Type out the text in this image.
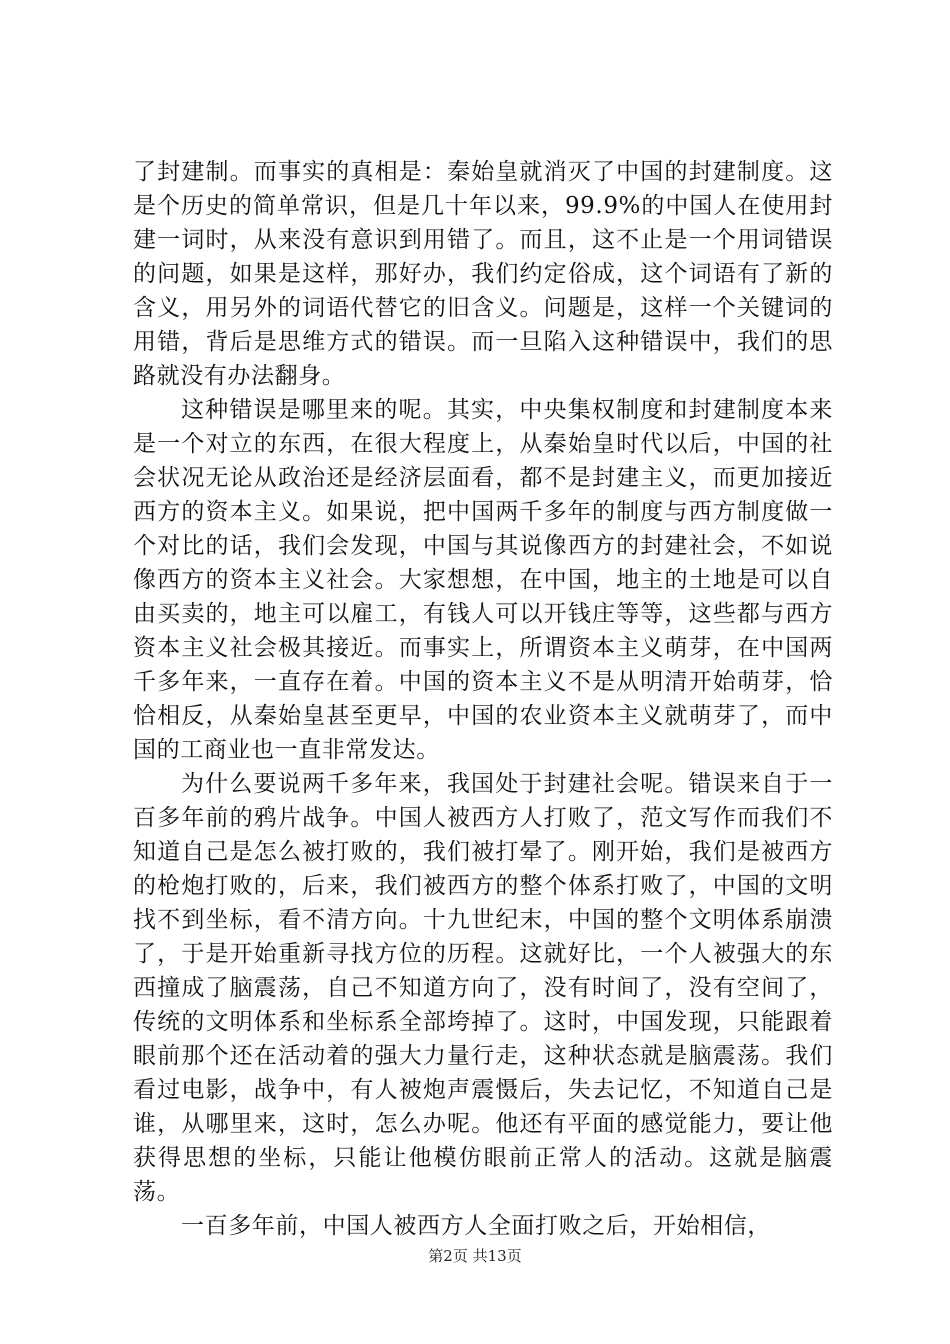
了封建制。而事实的真相是：秦始皇就消灭了中国的封建制度。这是个历史的简单常识，但是几十年以来，99.9%的中国人在使用封建一词时，从来没有意识到用错了。而且，这不止是一个用词错误的问题，如果是这样，那好办，我们约定俗成，这个词语有了新的含义，用另外的词语代替它的旧含义。问题是，这样一个关键词的用错，背后是思维方式的错误。而一旦陷入这种错误中，我们的思路就没有办法翻身。

这种错误是哪里来的呢。其实，中央集权制度和封建制度本来是一个对立的东西，在很大程度上，从秦始皇时代以后，中国的社会状况无论从政治还是经济层面看，都不是封建主义，而更加接近西方的资本主义。如果说，把中国两千多年的制度与西方制度做一个对比的话，我们会发现，中国与其说像西方的封建社会，不如说像西方的资本主义社会。大家想想，在中国，地主的土地是可以自由买卖的，地主可以雇工，有钱人可以开钱庄等等，这些都与西方资本主义社会极其接近。而事实上，所谓资本主义萌芽，在中国两千多年来，一直存在着。中国的资本主义不是从明清开始萌芽，恰恰相反，从秦始皇甚至更早，中国的农业资本主义就萌芽了，而中国的工商业也一直非常发达。

为什么要说两千多年来，我国处于封建社会呢。错误来自于一百多年前的鸦片战争。中国人被西方人打败了，范文写作而我们不知道自己是怎么被打败的，我们被打晕了。刚开始，我们是被西方的枪炮打败的，后来，我们被西方的整个体系打败了，中国的文明找不到坐标，看不清方向。十九世纪末，中国的整个文明体系崩溃了，于是开始重新寻找方位的历程。这就好比，一个人被强大的东西撞成了脑震荡，自己不知道方向了，没有时间了，没有空间了，传统的文明体系和坐标系全部垮掉了。这时，中国发现，只能跟着眼前那个还在活动着的强大力量行走，这种状态就是脑震荡。我们看过电影，战争中，有人被炮声震慑后，失去记忆，不知道自己是谁，从哪里来，这时，怎么办呢。他还有平面的感觉能力，要让他获得思想的坐标，只能让他模仿眼前正常人的活动。这就是脑震荡。

一百多年前，中国人被西方人全面打败之后，开始相信，

第2页 共13页
